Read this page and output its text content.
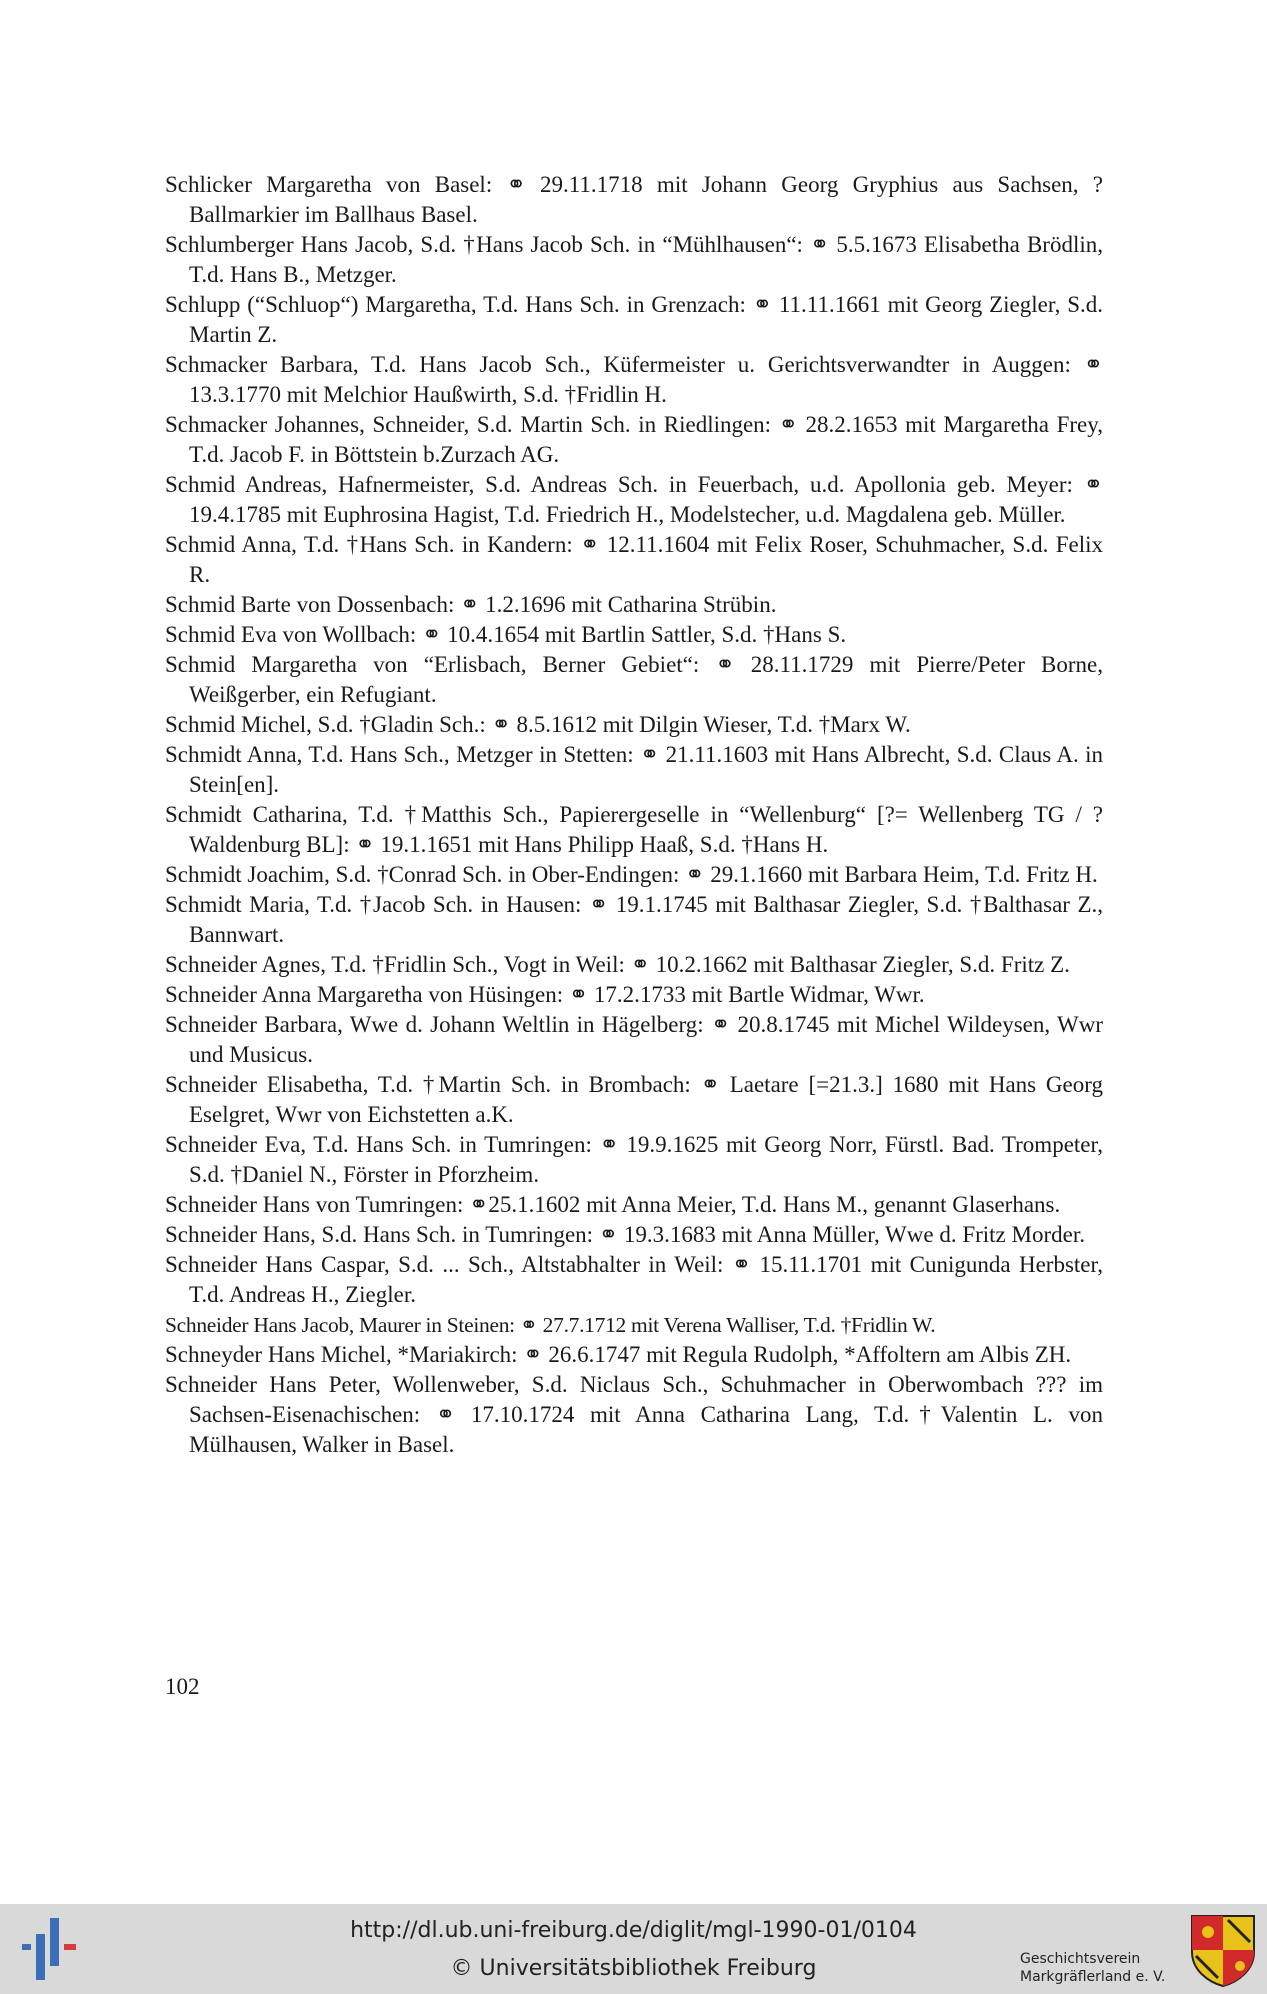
Schlicker Margaretha von Basel: ⚭ 29.11.1718 mit Johann Georg Gryphius aus Sachsen, ?Ballmarkier im Ballhaus Basel.

Schlumberger Hans Jacob, S.d. †Hans Jacob Sch. in “Mühlhausen“: ⚭ 5.5.1673 Elisabetha Brödlin, T.d. Hans B., Metzger.

Schlupp (“Schluop“) Margaretha, T.d. Hans Sch. in Grenzach: ⚭ 11.11.1661 mit Georg Ziegler, S.d. Martin Z.

Schmacker Barbara, T.d. Hans Jacob Sch., Küfermeister u. Gerichtsverwandter in Auggen: ⚭ 13.3.1770 mit Melchior Haußwirth, S.d. †Fridlin H.

Schmacker Johannes, Schneider, S.d. Martin Sch. in Riedlingen: ⚭ 28.2.1653 mit Margaretha Frey, T.d. Jacob F. in Böttstein b.Zurzach AG.

Schmid Andreas, Hafnermeister, S.d. Andreas Sch. in Feuerbach, u.d. Apollonia geb. Meyer: ⚭ 19.4.1785 mit Euphrosina Hagist, T.d. Friedrich H., Modelstecher, u.d. Magdalena geb. Müller.

Schmid Anna, T.d. †Hans Sch. in Kandern: ⚭ 12.11.1604 mit Felix Roser, Schuhmacher, S.d. Felix R.

Schmid Barte von Dossenbach: ⚭ 1.2.1696 mit Catharina Strübin.

Schmid Eva von Wollbach: ⚭ 10.4.1654 mit Bartlin Sattler, S.d. †Hans S.

Schmid Margaretha von “Erlisbach, Berner Gebiet“: ⚭ 28.11.1729 mit Pierre/Peter Borne, Weißgerber, ein Refugiant.

Schmid Michel, S.d. †Gladin Sch.: ⚭ 8.5.1612 mit Dilgin Wieser, T.d. †Marx W.

Schmidt Anna, T.d. Hans Sch., Metzger in Stetten: ⚭ 21.11.1603 mit Hans Albrecht, S.d. Claus A. in Stein[en].

Schmidt Catharina, T.d. †Matthis Sch., Papierergeselle in “Wellenburg“ [?= Wellenberg TG / ? Waldenburg BL]: ⚭ 19.1.1651 mit Hans Philipp Haaß, S.d. †Hans H.

Schmidt Joachim, S.d. †Conrad Sch. in Ober-Endingen: ⚭ 29.1.1660 mit Barbara Heim, T.d. Fritz H.

Schmidt Maria, T.d. †Jacob Sch. in Hausen: ⚭ 19.1.1745 mit Balthasar Ziegler, S.d. †Balthasar Z., Bannwart.

Schneider Agnes, T.d. †Fridlin Sch., Vogt in Weil: ⚭ 10.2.1662 mit Balthasar Ziegler, S.d. Fritz Z.

Schneider Anna Margaretha von Hüsingen: ⚭ 17.2.1733 mit Bartle Widmar, Wwr.

Schneider Barbara, Wwe d. Johann Weltlin in Hägelberg: ⚭ 20.8.1745 mit Michel Wildeysen, Wwr und Musicus.

Schneider Elisabetha, T.d. †Martin Sch. in Brombach: ⚭ Laetare [=21.3.] 1680 mit Hans Georg Eselgret, Wwr von Eichstetten a.K.

Schneider Eva, T.d. Hans Sch. in Tumringen: ⚭ 19.9.1625 mit Georg Norr, Fürstl. Bad. Trompeter, S.d. †Daniel N., Förster in Pforzheim.

Schneider Hans von Tumringen: ⚭25.1.1602 mit Anna Meier, T.d. Hans M., genannt Glaserhans.

Schneider Hans, S.d. Hans Sch. in Tumringen: ⚭ 19.3.1683 mit Anna Müller, Wwe d. Fritz Morder.

Schneider Hans Caspar, S.d. ... Sch., Altstabhalter in Weil: ⚭ 15.11.1701 mit Cunigunda Herbster, T.d. Andreas H., Ziegler.

Schneider Hans Jacob, Maurer in Steinen: ⚭ 27.7.1712 mit Verena Walliser, T.d. †Fridlin W.

Schneyder Hans Michel, *Mariakirch: ⚭ 26.6.1747 mit Regula Rudolph, *Affoltern am Albis ZH.

Schneider Hans Peter, Wollenweber, S.d. Niclaus Sch., Schuhmacher in Oberwombach ??? im Sachsen-Eisenachischen: ⚭ 17.10.1724 mit Anna Catharina Lang, T.d.†Valentin L. von Mülhausen, Walker in Basel.

102
http://dl.ub.uni-freiburg.de/diglit/mgl-1990-01/0104
© Universitätsbibliothek Freiburg	Geschichtsverein
Markgräflerland e. V.
